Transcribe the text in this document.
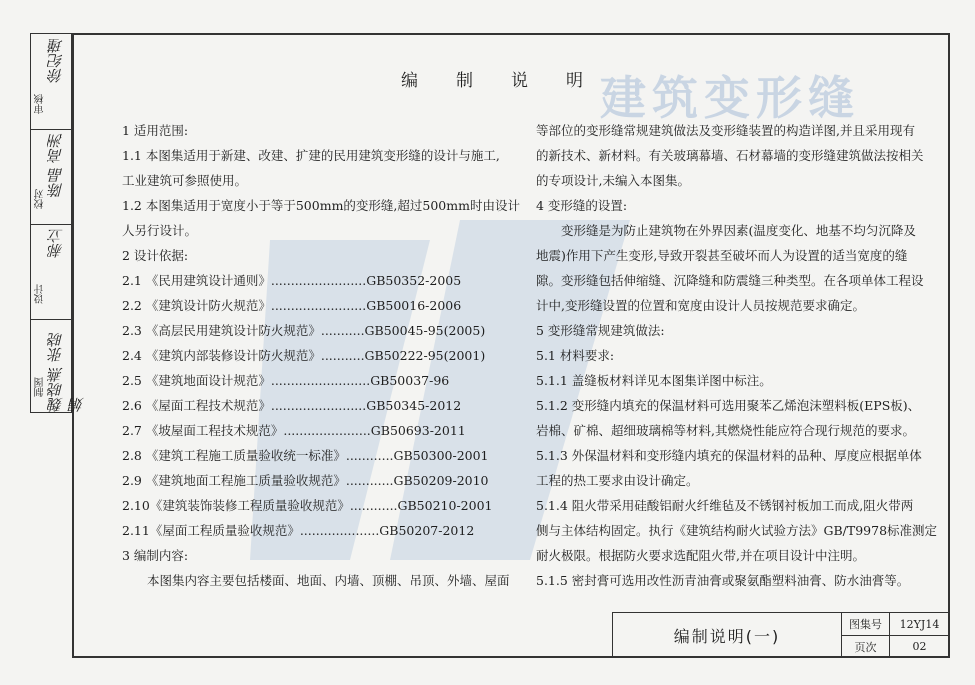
建筑变形缝
审核
徐纪瑾
校对
陈晶 高洲
设计
郝立
制图 魏晓燕 张晓娟
编制说明

1 适用范围:

1.1 本图集适用于新建、改建、扩建的民用建筑变形缝的设计与施工,

工业建筑可参照使用。

1.2 本图集适用于宽度小于等于500mm的变形缝,超过500mm时由设计

人另行设计。

2 设计依据:

2.1 《民用建筑设计通则》........................GB50352-2005

2.2 《建筑设计防火规范》........................GB50016-2006

2.3 《高层民用建筑设计防火规范》...........GB50045-95(2005)

2.4 《建筑内部装修设计防火规范》...........GB50222-95(2001)

2.5 《建筑地面设计规范》.........................GB50037-96

2.6 《屋面工程技术规范》........................GB50345-2012

2.7 《坡屋面工程技术规范》......................GB50693-2011

2.8 《建筑工程施工质量验收统一标准》............GB50300-2001

2.9 《建筑地面工程施工质量验收规范》............GB50209-2010

2.10《建筑装饰装修工程质量验收规范》............GB50210-2001

2.11《屋面工程质量验收规范》....................GB50207-2012

3 编制内容:

本图集内容主要包括楼面、地面、内墙、顶棚、吊顶、外墙、屋面

等部位的变形缝常规建筑做法及变形缝装置的构造详图,并且采用现有

的新技术、新材料。有关玻璃幕墙、石材幕墙的变形缝建筑做法按相关

的专项设计,未编入本图集。

4 变形缝的设置:

变形缝是为防止建筑物在外界因素(温度变化、地基不均匀沉降及

地震)作用下产生变形,导致开裂甚至破坏而人为设置的适当宽度的缝

隙。变形缝包括伸缩缝、沉降缝和防震缝三种类型。在各项单体工程设

计中,变形缝设置的位置和宽度由设计人员按规范要求确定。

5 变形缝常规建筑做法:

5.1 材料要求:

5.1.1 盖缝板材料详见本图集详图中标注。

5.1.2 变形缝内填充的保温材料可选用聚苯乙烯泡沫塑料板(EPS板)、

岩棉、矿棉、超细玻璃棉等材料,其燃烧性能应符合现行规范的要求。

5.1.3 外保温材料和变形缝内填充的保温材料的品种、厚度应根据单体

工程的热工要求由设计确定。

5.1.4 阻火带采用硅酸铝耐火纤维毡及不锈钢衬板加工而成,阻火带两

侧与主体结构固定。执行《建筑结构耐火试验方法》GB/T9978标准测定

耐火极限。根据防火要求选配阻火带,并在项目设计中注明。

5.1.5 密封膏可选用改性沥青油膏或聚氨酯塑料油膏、防水油膏等。

编制说明(一)
图集号	12YJ14
页次	02
